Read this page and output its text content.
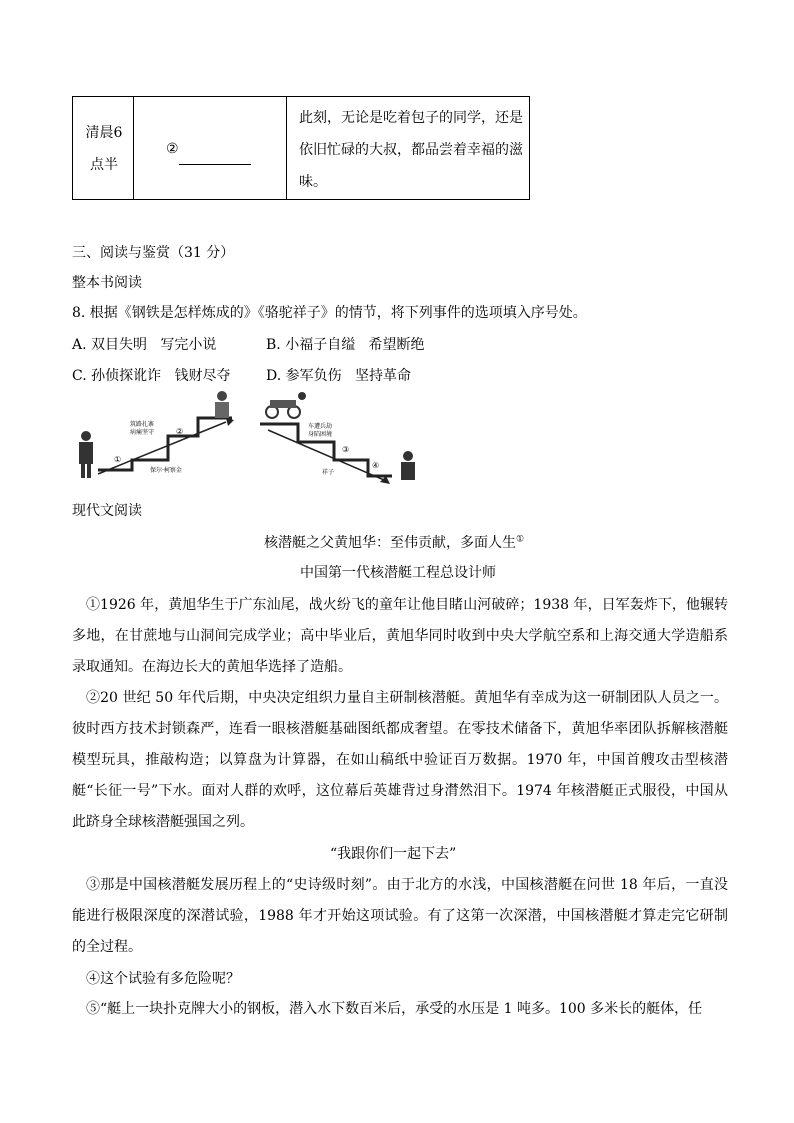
清晨6点半
②
此刻，无论是吃着包子的同学，还是依旧忙碌的大叔，都品尝着幸福的滋味。
三、阅读与鉴赏（31 分）
整本书阅读
8. 根据《钢铁是怎样炼成的》《骆驼祥子》的情节，将下列事件的选项填入序号处。
A. 双目失明   写完小说	B. 小福子自缢   希望断绝
C. 孙侦探讹诈   钱财尽夺	D. 参军负伤   坚持革命
①
②
筑路扎寨
病痛坚守
保尔·柯察金
车遭兵劫
身陷困境
③
④
祥子
现代文阅读
核潜艇之父黄旭华：至伟贡献，多面人生①
中国第一代核潜艇工程总设计师
①1926 年，黄旭华生于广东汕尾，战火纷飞的童年让他目睹山河破碎；1938 年，日军轰炸下，他辗转多地，在甘蔗地与山洞间完成学业；高中毕业后，黄旭华同时收到中央大学航空系和上海交通大学造船系录取通知。在海边长大的黄旭华选择了造船。
②20 世纪 50 年代后期，中央决定组织力量自主研制核潜艇。黄旭华有幸成为这一研制团队人员之一。彼时西方技术封锁森严，连看一眼核潜艇基础图纸都成奢望。在零技术储备下，黄旭华率团队拆解核潜艇模型玩具，推敲构造；以算盘为计算器，在如山稿纸中验证百万数据。1970 年，中国首艘攻击型核潜艇“长征一号”下水。面对人群的欢呼，这位幕后英雄背过身潸然泪下。1974 年核潜艇正式服役，中国从此跻身全球核潜艇强国之列。
“我跟你们一起下去”
③那是中国核潜艇发展历程上的“史诗级时刻”。由于北方的水浅，中国核潜艇在问世 18 年后，一直没能进行极限深度的深潜试验，1988 年才开始这项试验。有了这第一次深潜，中国核潜艇才算走完它研制的全过程。
④这个试验有多危险呢？
⑤“艇上一块扑克牌大小的钢板，潜入水下数百米后，承受的水压是 1 吨多。100 多米长的艇体，任
